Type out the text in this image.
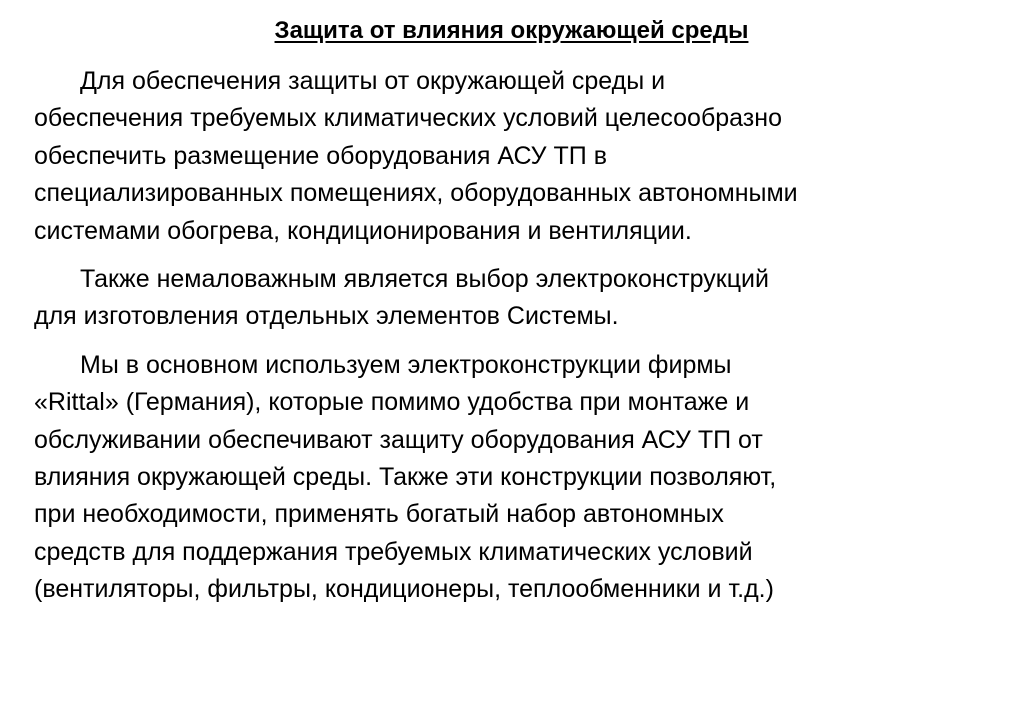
Защита от влияния окружающей среды

Для обеспечения защиты от окружающей среды и
обеспечения требуемых климатических условий целесообразно
обеспечить размещение оборудования АСУ ТП в
специализированных помещениях, оборудованных автономными
системами обогрева, кондиционирования и вентиляции.

Также немаловажным является выбор электроконструкций
для изготовления отдельных элементов Системы.

Мы в основном используем электроконструкции фирмы
«Rittal» (Германия), которые помимо удобства при монтаже и
обслуживании обеспечивают защиту оборудования АСУ ТП от
влияния окружающей среды. Также эти конструкции позволяют,
при необходимости, применять богатый набор автономных
средств для поддержания требуемых климатических условий
(вентиляторы, фильтры, кондиционеры, теплообменники и т.д.)
